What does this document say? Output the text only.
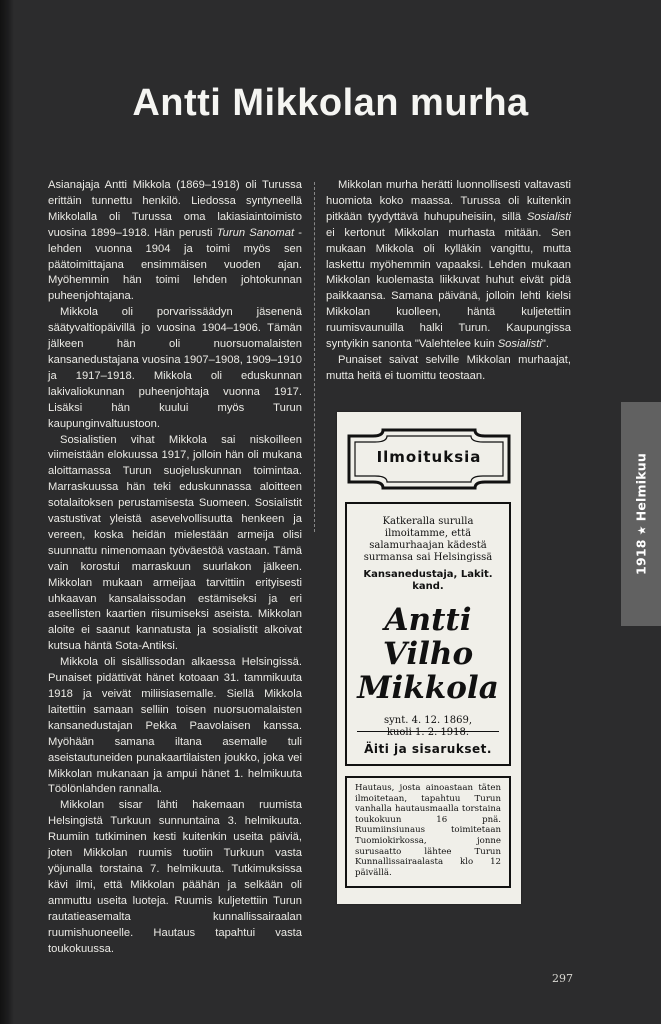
Antti Mikkolan murha

Asianajaja Antti Mikkola (1869–1918) oli Turussa erittäin tunnettu henkilö. Liedossa syntyneellä Mikkolalla oli Turussa oma lakiasiaintoimisto vuosina 1899–1918. Hän perusti Turun Sanomat -lehden vuonna 1904 ja toimi myös sen päätoimittajana ensimmäisen vuoden ajan. Myöhemmin hän toimi lehden johtokunnan puheenjohtajana.

Mikkola oli porvarissäädyn jäsenenä säätyvaltiopäivillä jo vuosina 1904–1906. Tämän jälkeen hän oli nuorsuomalaisten kansanedustajana vuosina 1907–1908, 1909–1910 ja 1917–1918. Mikkola oli eduskunnan lakivaliokunnan puheenjohtaja vuonna 1917. Lisäksi hän kuului myös Turun kaupunginvaltuustoon.

Sosialistien vihat Mikkola sai niskoilleen viimeistään elokuussa 1917, jolloin hän oli mukana aloittamassa Turun suojeluskunnan toimintaa. Marraskuussa hän teki eduskunnassa aloitteen sotalaitoksen perustamisesta Suomeen. Sosialistit vastustivat yleistä asevelvollisuutta henkeen ja vereen, koska heidän mielestään armeija olisi suunnattu nimenomaan työväestöä vastaan. Tämä vain korostui marraskuun suurlakon jälkeen. Mikkolan mukaan armeijaa tarvittiin erityisesti uhkaavan kansalaissodan estämiseksi ja eri aseellisten kaartien riisumiseksi aseista. Mikkolan aloite ei saanut kannatusta ja sosialistit alkoivat kutsua häntä Sota-Antiksi.

Mikkola oli sisällissodan alkaessa Helsingissä. Punaiset pidättivät hänet kotoaan 31. tammikuuta 1918 ja veivät miliisiasemalle. Siellä Mikkola laitettiin samaan selliin toisen nuorsuomalaisten kansanedustajan Pekka Paavolaisen kanssa. Myöhään samana iltana asemalle tuli aseistautuneiden punakaartilaisten joukko, joka vei Mikkolan mukanaan ja ampui hänet 1. helmikuuta Töölönlahden rannalla.

Mikkolan sisar lähti hakemaan ruumista Helsingistä Turkuun sunnuntaina 3. helmikuuta. Ruumiin tutkiminen kesti kuitenkin useita päiviä, joten Mikkolan ruumis tuotiin Turkuun vasta yöjunalla torstaina 7. helmikuuta. Tutkimuksissa kävi ilmi, että Mikkolan päähän ja selkään oli ammuttu useita luoteja. Ruumis kuljetettiin Turun rautatieasemalta kunnallissairaalan ruumishuoneelle. Hautaus tapahtui vasta toukokuussa.

Mikkolan murha herätti luonnollisesti valtavasti huomiota koko maassa. Turussa oli kuitenkin pitkään tyydyttävä huhupuheisiin, sillä Sosialisti ei kertonut Mikkolan murhasta mitään. Sen mukaan Mikkola oli kylläkin vangittu, mutta laskettu myöhemmin vapaaksi. Lehden mukaan Mikkolan kuolemasta liikkuvat huhut eivät pidä paikkaansa. Samana päivänä, jolloin lehti kielsi Mikkolan kuolleen, häntä kuljetettiin ruumisvaunuilla halki Turun. Kaupungissa syntyikin sanonta "Valehtelee kuin Sosialisti".

Punaiset saivat selville Mikkolan murhaajat, mutta heitä ei tuomittu teostaan.

Ilmoituksia
Katkeralla surulla ilmoitamme, että salamurhaajan kädestä surmansa sai Helsingissä
Kansanedustaja, Lakit. kand.
Antti Vilho
Mikkola
synt. 4. 12. 1869,
kuoli 1. 2. 1918.
Äiti ja sisarukset.
Hautaus, josta ainoastaan täten ilmoitetaan, tapahtuu Turun vanhalla hautausmaalla torstaina toukokuun 16 pnä. Ruumiinsiunaus toimitetaan Tuomiokirkossa, jonne surusaatto lähtee Turun Kunnallissairaalasta klo 12 päivällä.
1918★Helmikuu
297
